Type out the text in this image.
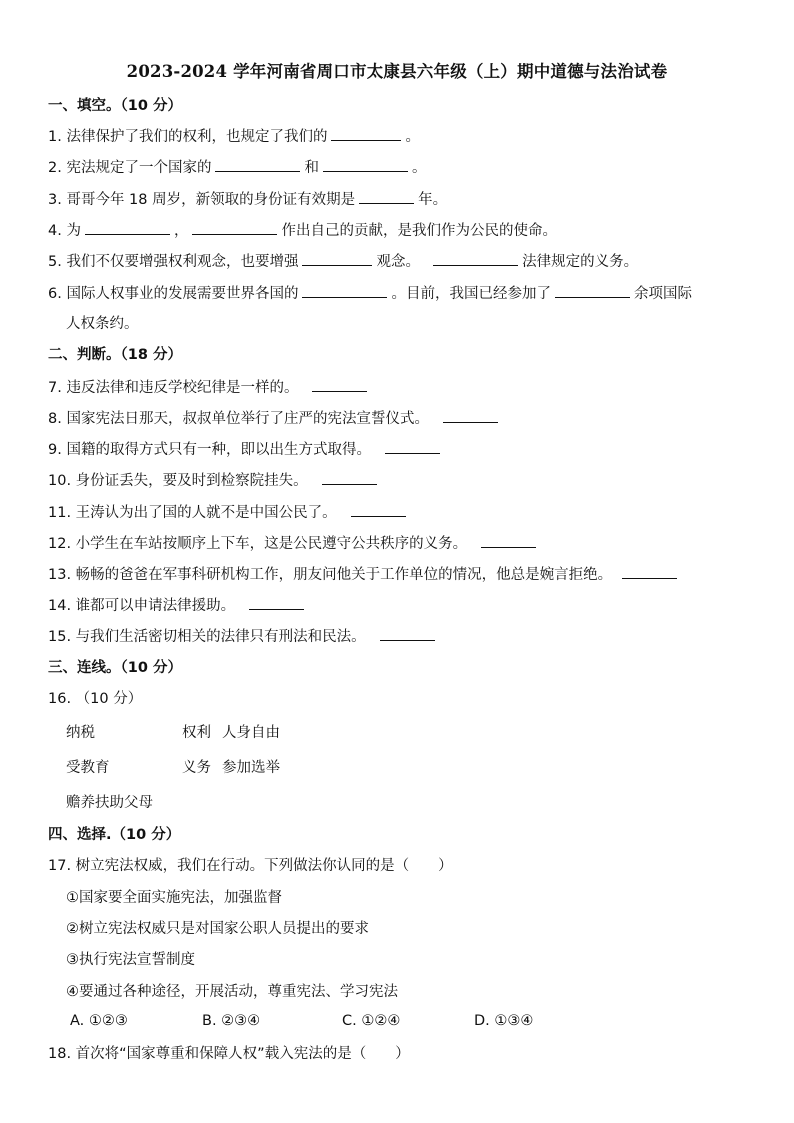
2023-2024 学年河南省周口市太康县六年级（上）期中道德与法治试卷
一、填空。（10 分）
1. 法律保护了我们的权利，也规定了我们的	。
2. 宪法规定了一个国家的	和	。
3. 哥哥今年 18 周岁，新领取的身份证有效期是	年。
4. 为	，	作出自己的贡献，是我们作为公民的使命。
5. 我们不仅要增强权利观念，也要增强	观念。	法律规定的义务。
6. 国际人权事业的发展需要世界各国的	。目前，我国已经参加了	余项国际
人权条约。
二、判断。（18 分）
7. 违反法律和违反学校纪律是一样的。
8. 国家宪法日那天，叔叔单位举行了庄严的宪法宣誓仪式。
9. 国籍的取得方式只有一种，即以出生方式取得。
10. 身份证丢失，要及时到检察院挂失。
11. 王涛认为出了国的人就不是中国公民了。
12. 小学生在车站按顺序上下车，这是公民遵守公共秩序的义务。
13. 畅畅的爸爸在军事科研机构工作，朋友问他关于工作单位的情况，他总是婉言拒绝。
14. 谁都可以申请法律援助。
15. 与我们生活密切相关的法律只有刑法和民法。
三、连线。（10 分）
16. （10 分）
纳税
受教育
赡养扶助父母
权利
义务
人身自由
参加选举
四、选择.（10 分）
17. 树立宪法权威，我们在行动。下列做法你认同的是（　　）
①国家要全面实施宪法，加强监督
②树立宪法权威只是对国家公职人员提出的要求
③执行宪法宣誓制度
④要通过各种途径，开展活动，尊重宪法、学习宪法
A. ①②③	B. ②③④	C. ①②④	D. ①③④
18. 首次将“国家尊重和保障人权”载入宪法的是（　　）
